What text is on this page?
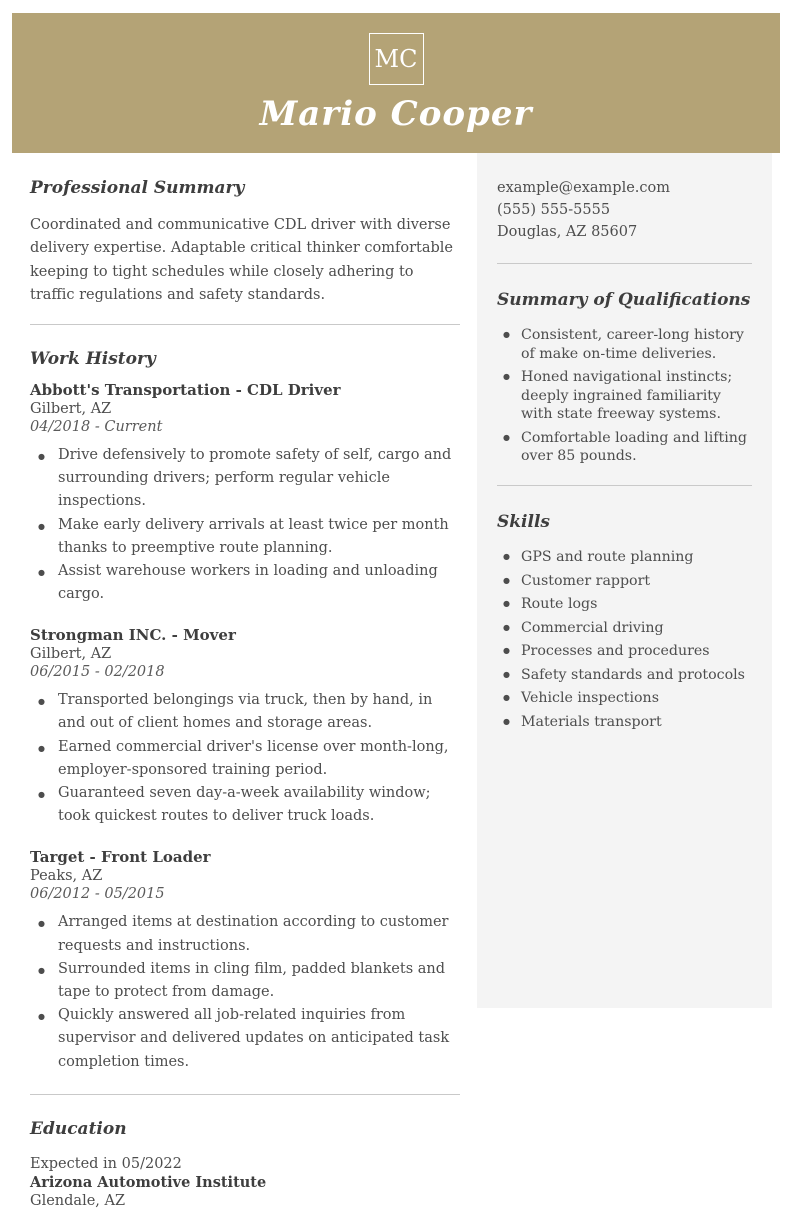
MC
Mario Cooper
Professional Summary

Coordinated and communicative CDL driver with diverse delivery expertise. Adaptable critical thinker comfortable keeping to tight schedules while closely adhering to traffic regulations and safety standards.

Work History
Abbott's Transportation - CDL Driver
Gilbert, AZ
04/2018 - Current
● Drive defensively to promote safety of self, cargo and surrounding drivers; perform regular vehicle inspections.
● Make early delivery arrivals at least twice per month thanks to preemptive route planning.
● Assist warehouse workers in loading and unloading cargo.
Strongman INC. - Mover
Gilbert, AZ
06/2015 - 02/2018
● Transported belongings via truck, then by hand, in and out of client homes and storage areas.
● Earned commercial driver's license over month-long, employer-sponsored training period.
● Guaranteed seven day-a-week availability window; took quickest routes to deliver truck loads.
Target - Front Loader
Peaks, AZ
06/2012 - 05/2015
● Arranged items at destination according to customer requests and instructions.
● Surrounded items in cling film, padded blankets and tape to protect from damage.
● Quickly answered all job-related inquiries from supervisor and delivered updates on anticipated task completion times.
Education
Expected in 05/2022
Arizona Automotive Institute
Glendale, AZ
example@example.com
(555) 555-5555
Douglas, AZ 85607
Summary of Qualifications
● Consistent, career-long history of make on-time deliveries.
● Honed navigational instincts; deeply ingrained familiarity with state freeway systems.
● Comfortable loading and lifting over 85 pounds.
Skills
● GPS and route planning
● Customer rapport
● Route logs
● Commercial driving
● Processes and procedures
● Safety standards and protocols
● Vehicle inspections
● Materials transport
